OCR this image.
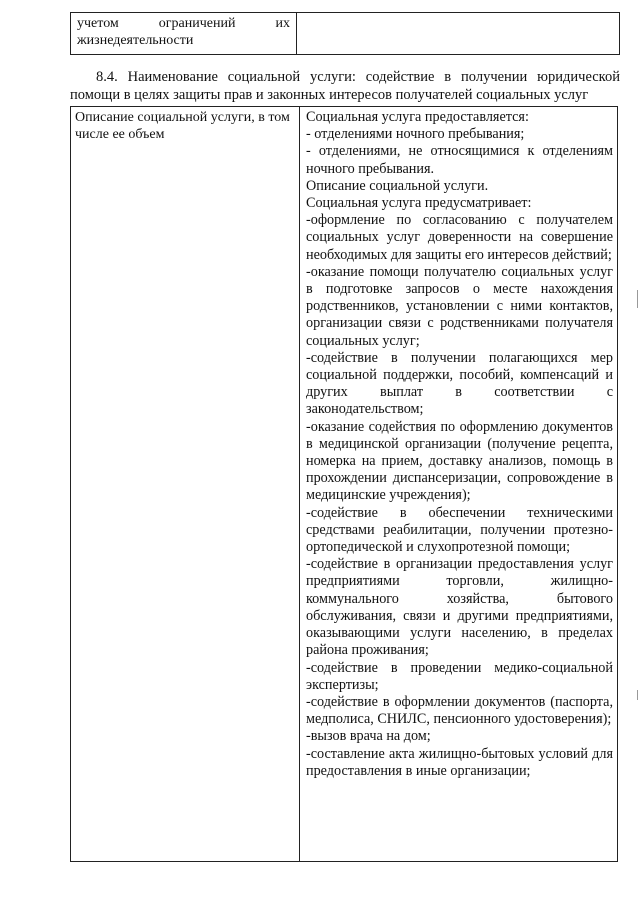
учетом ограничений их
жизнедеятельности
8.4. Наименование социальной услуги: содействие в получении юридической помощи в целях защиты прав и законных интересов получателей социальных услуг
Описание социальной услуги, в том числе ее объем
Социальная услуга предоставляется:
- отделениями ночного пребывания;
- отделениями, не относящимися к отделениям ночного пребывания.
Описание социальной услуги.
Социальная услуга предусматривает:
-оформление по согласованию с получателем социальных услуг доверенности на совершение необходимых для защиты его интересов действий;
-оказание помощи получателю социальных услуг в подготовке запросов о месте нахождения родственников, установлении с ними контактов, организации связи с родственниками получателя социальных услуг;
-содействие в получении полагающихся мер социальной поддержки, пособий, компенсаций и других выплат в соответствии с законодательством;
-оказание содействия по оформлению документов в медицинской организации (получение рецепта, номерка на прием, доставку анализов, помощь в прохождении диспансеризации, сопровождение в медицинские учреждения);
-содействие в обеспечении техническими средствами реабилитации, получении протезно-ортопедической и слухопротезной помощи;
-содействие в организации предоставления услуг предприятиями торговли, жилищно-коммунального хозяйства, бытового обслуживания, связи и другими предприятиями, оказывающими услуги населению, в пределах района проживания;
-содействие в проведении медико-социальной экспертизы;
-содействие в оформлении документов (паспорта, медполиса, СНИЛС, пенсионного удостоверения);
-вызов врача на дом;
-составление акта жилищно-бытовых условий для предоставления в иные организации;
